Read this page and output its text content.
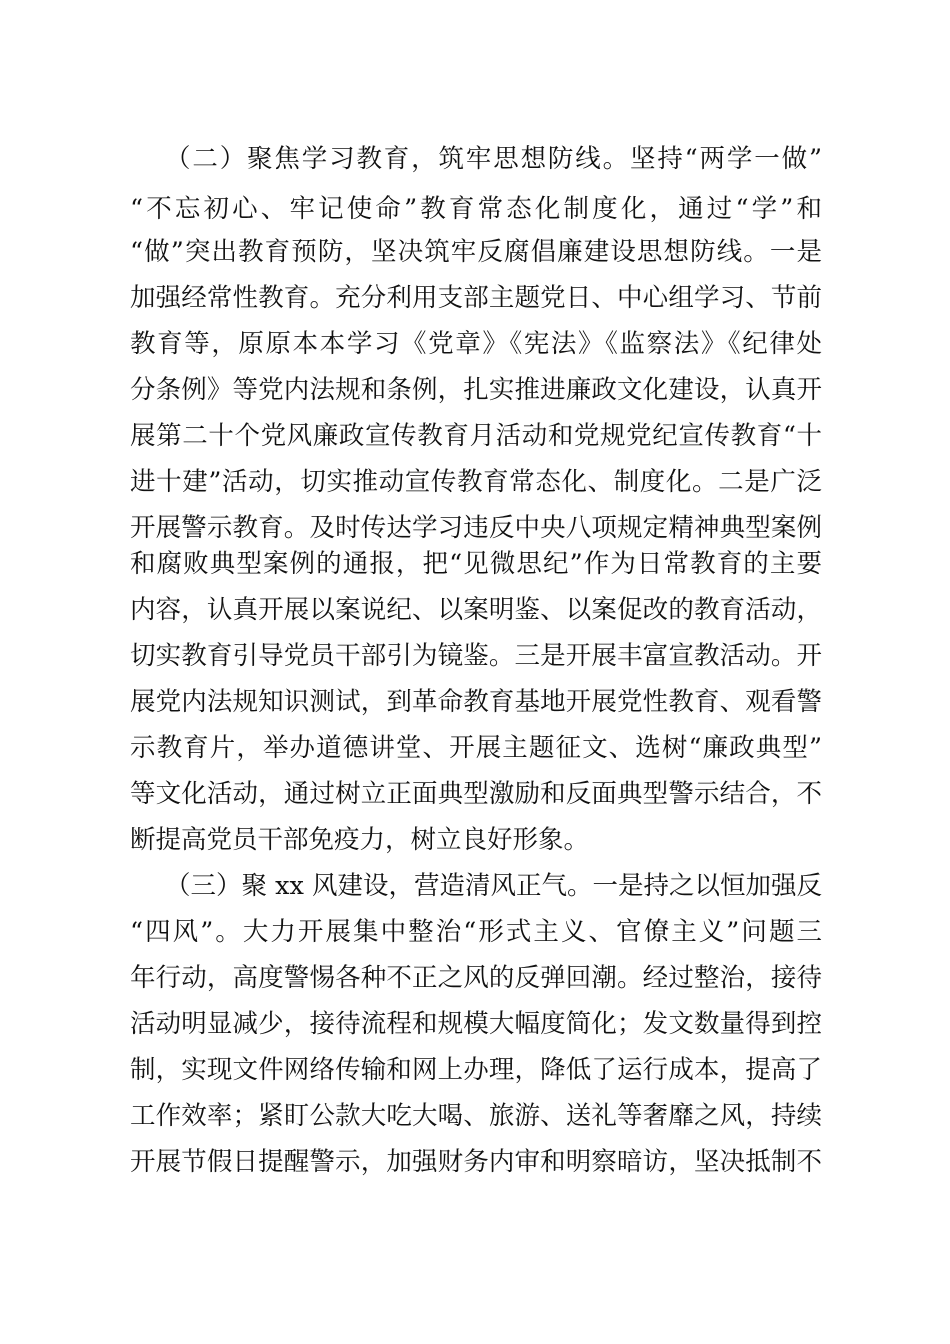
（二）聚焦学习教育，筑牢思想防线。坚持“两学一做”
“不忘初心、牢记使命”教育常态化制度化，通过“学”和
“做”突出教育预防，坚决筑牢反腐倡廉建设思想防线。一是
加强经常性教育。充分利用支部主题党日、中心组学习、节前
教育等，原原本本学习《党章》《宪法》《监察法》《纪律处
分条例》等党内法规和条例，扎实推进廉政文化建设，认真开
展第二十个党风廉政宣传教育月活动和党规党纪宣传教育“十
进十建”活动，切实推动宣传教育常态化、制度化。二是广泛
开展警示教育。及时传达学习违反中央八项规定精神典型案例
和腐败典型案例的通报，把“见微思纪”作为日常教育的主要
内容，认真开展以案说纪、以案明鉴、以案促改的教育活动，
切实教育引导党员干部引为镜鉴。三是开展丰富宣教活动。开
展党内法规知识测试，到革命教育基地开展党性教育、观看警
示教育片，举办道德讲堂、开展主题征文、选树“廉政典型”
等文化活动，通过树立正面典型激励和反面典型警示结合，不
断提高党员干部免疫力，树立良好形象。
（三）聚 xx 风建设，营造清风正气。一是持之以恒加强反
“四风”。大力开展集中整治“形式主义、官僚主义”问题三
年行动，高度警惕各种不正之风的反弹回潮。经过整治，接待
活动明显减少，接待流程和规模大幅度简化；发文数量得到控
制，实现文件网络传输和网上办理，降低了运行成本，提高了
工作效率；紧盯公款大吃大喝、旅游、送礼等奢靡之风，持续
开展节假日提醒警示，加强财务内审和明察暗访，坚决抵制不
